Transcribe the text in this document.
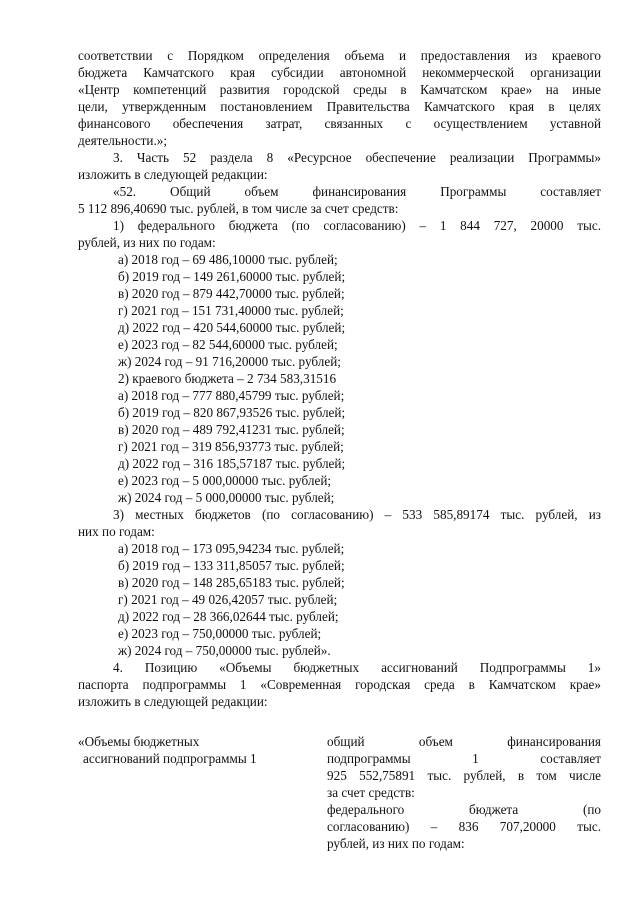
соответствии с Порядком определения объема и предоставления из краевого
бюджета Камчатского края субсидии автономной некоммерческой организации
«Центр компетенций развития городской среды в Камчатском крае» на иные
цели, утвержденным постановлением Правительства Камчатского края в целях
финансового обеспечения затрат, связанных с осуществлением уставной
деятельности.»;
3. Часть 52 раздела 8 «Ресурсное обеспечение реализации Программы»
изложить в следующей редакции:
«52. Общий объем финансирования Программы составляет
5 112 896,40690 тыс. рублей, в том числе за счет средств:
1) федерального бюджета (по согласованию) – 1 844 727, 20000 тыс.
рублей, из них по годам:
а) 2018 год – 69 486,10000 тыс. рублей;
б) 2019 год – 149 261,60000 тыс. рублей;
в) 2020 год – 879 442,70000 тыс. рублей;
г) 2021 год – 151 731,40000 тыс. рублей;
д) 2022 год – 420 544,60000 тыс. рублей;
е) 2023 год – 82 544,60000 тыс. рублей;
ж) 2024 год – 91 716,20000 тыс. рублей;
2) краевого бюджета – 2 734 583,31516
а) 2018 год – 777 880,45799 тыс. рублей;
б) 2019 год – 820 867,93526 тыс. рублей;
в) 2020 год – 489 792,41231 тыс. рублей;
г) 2021 год – 319 856,93773 тыс. рублей;
д) 2022 год – 316 185,57187 тыс. рублей;
е) 2023 год – 5 000,00000 тыс. рублей;
ж) 2024 год – 5 000,00000 тыс. рублей;
3) местных бюджетов (по согласованию) – 533 585,89174 тыс. рублей, из
них по годам:
а) 2018 год – 173 095,94234 тыс. рублей;
б) 2019 год – 133 311,85057 тыс. рублей;
в) 2020 год – 148 285,65183 тыс. рублей;
г) 2021 год – 49 026,42057 тыс. рублей;
д) 2022 год – 28 366,02644 тыс. рублей;
е) 2023 год – 750,00000 тыс. рублей;
ж) 2024 год – 750,00000 тыс. рублей».
4. Позицию «Объемы бюджетных ассигнований Подпрограммы 1»
паспорта подпрограммы 1 «Современная городская среда в Камчатском крае»
изложить в следующей редакции:
«Объемы бюджетных
ассигнований подпрограммы 1
общий объем финансирования
подпрограммы 1 составляет
925 552,75891 тыс. рублей, в том числе
за счет средств:
федерального бюджета (по
согласованию) – 836 707,20000 тыс.
рублей, из них по годам:
